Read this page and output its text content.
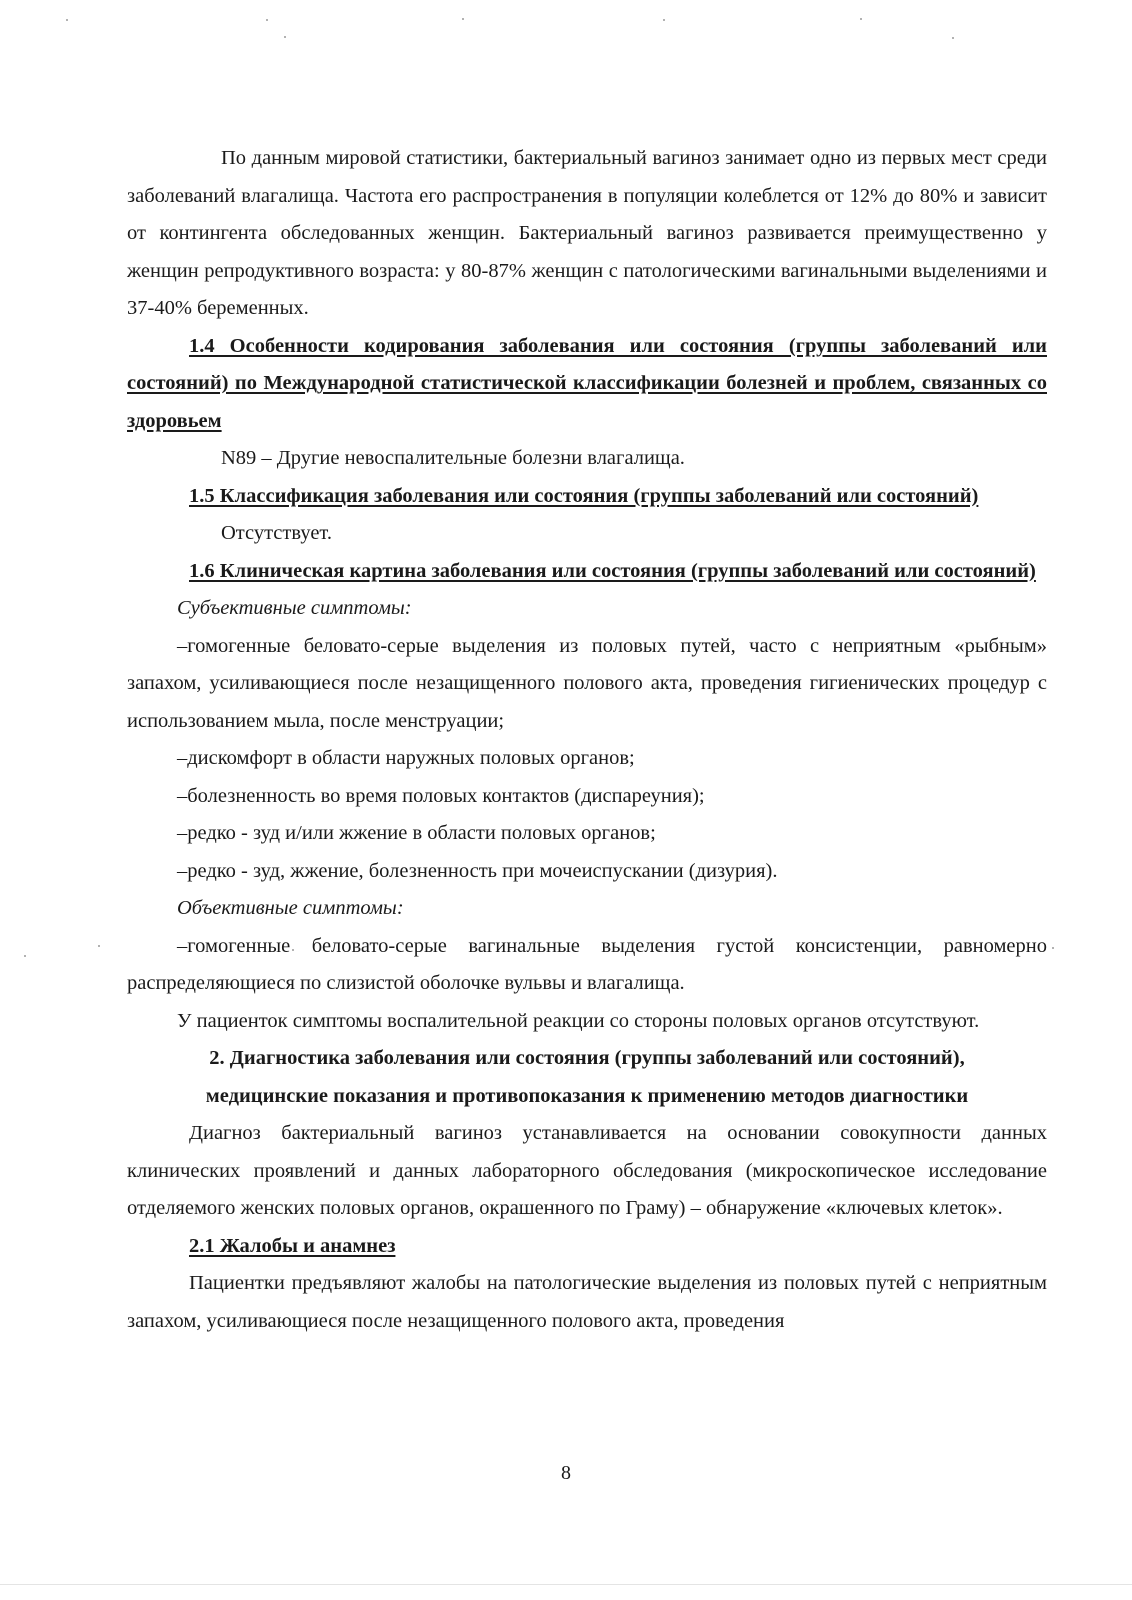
По данным мировой статистики, бактериальный вагиноз занимает одно из первых мест среди заболеваний влагалища. Частота его распространения в популяции колеблется от 12% до 80% и зависит от контингента обследованных женщин. Бактериальный вагиноз развивается преимущественно у женщин репродуктивного возраста: у 80-87% женщин с патологическими вагинальными выделениями и 37-40% беременных.

1.4 Особенности кодирования заболевания или состояния (группы заболеваний или состояний) по Международной статистической классификации болезней и проблем, связанных со здоровьем

N89 – Другие невоспалительные болезни влагалища.

1.5 Классификация заболевания или состояния (группы заболеваний или состояний)

Отсутствует.

1.6 Клиническая картина заболевания или состояния (группы заболеваний или состояний)

Субъективные симптомы:

–гомогенные беловато-серые выделения из половых путей, часто с неприятным «рыбным» запахом, усиливающиеся после незащищенного полового акта, проведения гигиенических процедур с использованием мыла, после менструации;

–дискомфорт в области наружных половых органов;

–болезненность во время половых контактов (диспареуния);

–редко - зуд и/или жжение в области половых органов;

–редко - зуд, жжение, болезненность при мочеиспускании (дизурия).

Объективные симптомы:

–гомогенные беловато-серые вагинальные выделения густой консистенции, равномерно распределяющиеся по слизистой оболочке вульвы и влагалища.

У пациенток симптомы воспалительной реакции со стороны половых органов отсутствуют.

2. Диагностика заболевания или состояния (группы заболеваний или состояний),

медицинские показания и противопоказания к применению методов диагностики

Диагноз бактериальный вагиноз устанавливается на основании совокупности данных клинических проявлений и данных лабораторного обследования (микроскопическое исследование отделяемого женских половых органов, окрашенного по Граму) – обнаружение «ключевых клеток».

2.1 Жалобы и анамнез

Пациентки предъявляют жалобы на патологические выделения из половых путей с неприятным запахом, усиливающиеся после незащищенного полового акта, проведения

8
